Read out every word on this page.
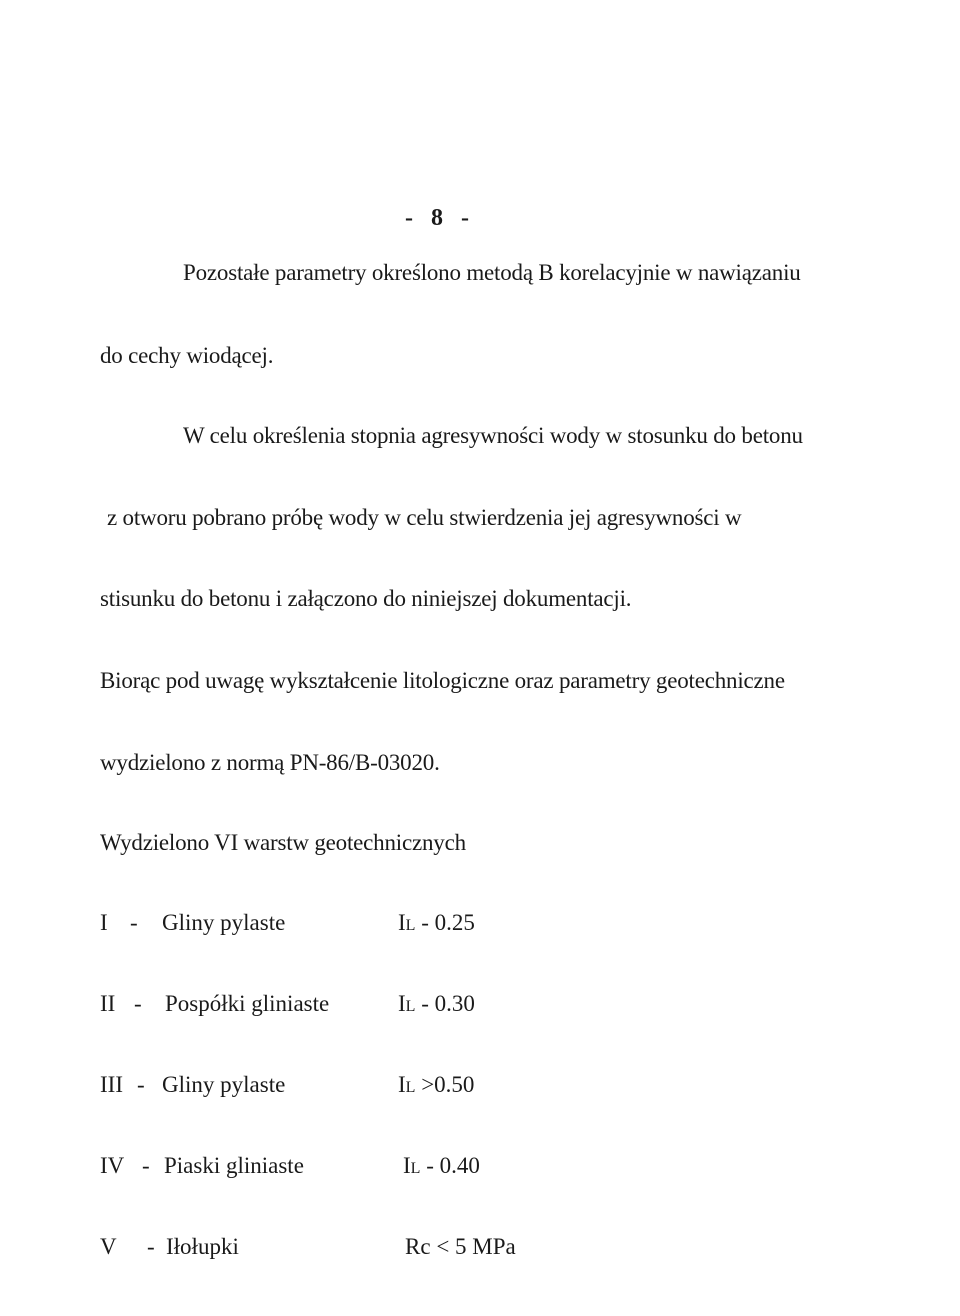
- 8 -
Pozostałe parametry określono metodą B korelacyjnie w nawiązaniu
do cechy wiodącej.
W celu określenia stopnia agresywności wody w stosunku do betonu
z otworu pobrano próbę wody w celu stwierdzenia jej agresywności w
stisunku do betonu i załączono do niniejszej dokumentacji.
Biorąc pod uwagę wykształcenie litologiczne oraz parametry geotechniczne
wydzielono z normą PN-86/B-03020.
Wydzielono VI warstw geotechnicznych
I - Gliny pylaste	IL - 0.25
II - Pospółki gliniaste	IL - 0.30
III - Gliny pylaste	IL >0.50
IV - Piaski gliniaste	IL - 0.40
V - Iłołupki	Rc < 5 MPa
